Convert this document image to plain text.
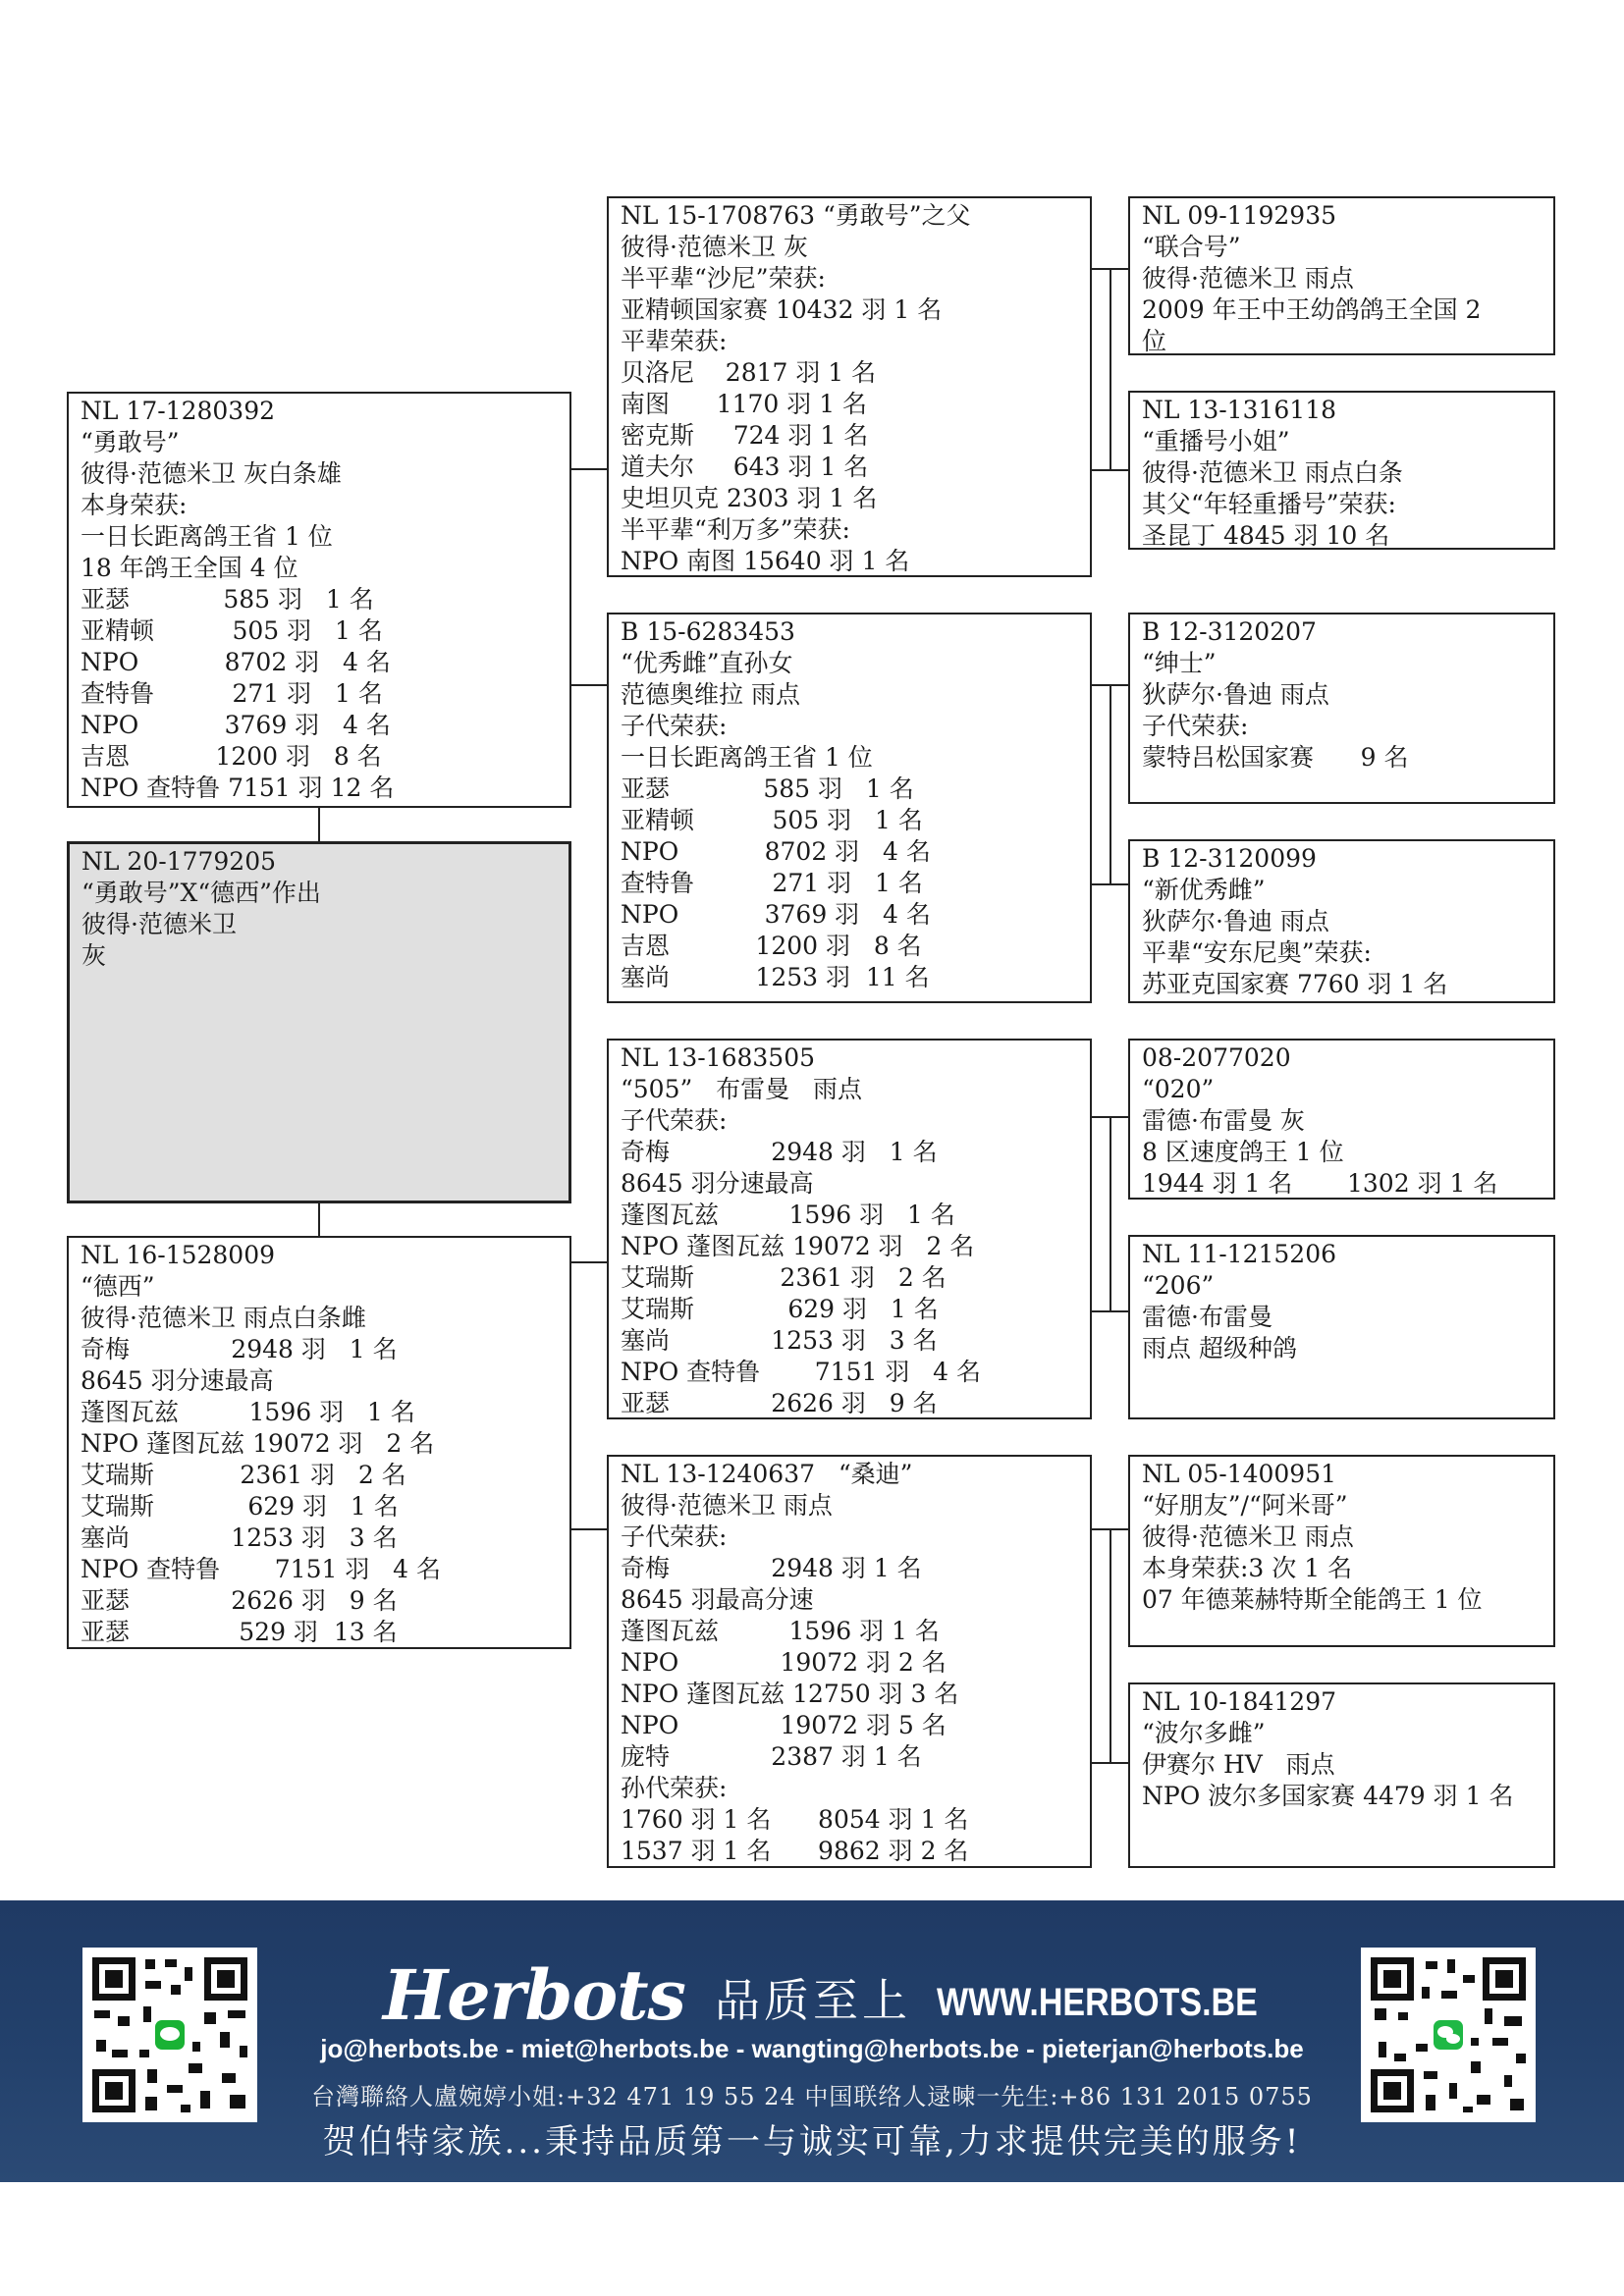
NL 17-1280392
“勇敢号”
彼得·范德米卫 灰白条雄
本身荣获:
一日长距离鸽王省 1 位
18 年鸽王全国 4 位
亚瑟            585 羽   1 名
亚精顿          505 羽   1 名
NPO           8702 羽   4 名
查特鲁          271 羽   1 名
NPO           3769 羽   4 名
吉恩           1200 羽   8 名
NPO 查特鲁 7151 羽 12 名
NL 20-1779205
“勇敢号”X“德西”作出
彼得·范德米卫
灰
NL 16-1528009
“德西”
彼得·范德米卫 雨点白条雌
奇梅             2948 羽   1 名
8645 羽分速最高
蓬图瓦兹         1596 羽   1 名
NPO 蓬图瓦兹 19072 羽   2 名
艾瑞斯           2361 羽   2 名
艾瑞斯            629 羽   1 名
塞尚             1253 羽   3 名
NPO 查特鲁       7151 羽   4 名
亚瑟             2626 羽   9 名
亚瑟              529 羽  13 名
NL 15-1708763 “勇敢号”之父
彼得·范德米卫 灰
半平辈“沙尼”荣获:
亚精顿国家赛 10432 羽 1 名
平辈荣获:
贝洛尼    2817 羽 1 名
南图      1170 羽 1 名
密克斯     724 羽 1 名
道夫尔     643 羽 1 名
史坦贝克 2303 羽 1 名
半平辈“利万多”荣获:
NPO 南图 15640 羽 1 名
B 15-6283453
“优秀雌”直孙女
范德奥维拉 雨点
子代荣获:
一日长距离鸽王省 1 位
亚瑟            585 羽   1 名
亚精顿          505 羽   1 名
NPO           8702 羽   4 名
查特鲁          271 羽   1 名
NPO           3769 羽   4 名
吉恩           1200 羽   8 名
塞尚           1253 羽  11 名
NL 13-1683505
“505”   布雷曼   雨点
子代荣获:
奇梅             2948 羽   1 名
8645 羽分速最高
蓬图瓦兹         1596 羽   1 名
NPO 蓬图瓦兹 19072 羽   2 名
艾瑞斯           2361 羽   2 名
艾瑞斯            629 羽   1 名
塞尚             1253 羽   3 名
NPO 查特鲁       7151 羽   4 名
亚瑟             2626 羽   9 名
NL 13-1240637   “桑迪”
彼得·范德米卫 雨点
子代荣获:
奇梅             2948 羽 1 名
8645 羽最高分速
蓬图瓦兹         1596 羽 1 名
NPO             19072 羽 2 名
NPO 蓬图瓦兹 12750 羽 3 名
NPO             19072 羽 5 名
庞特             2387 羽 1 名
孙代荣获:
1760 羽 1 名      8054 羽 1 名
1537 羽 1 名      9862 羽 2 名
NL 09-1192935
“联合号”
彼得·范德米卫 雨点
2009 年王中王幼鸽鸽王全国 2
位
NL 13-1316118
“重播号小姐”
彼得·范德米卫 雨点白条
其父“年轻重播号”荣获:
圣昆丁 4845 羽 10 名
B 12-3120207
“绅士”
狄萨尔·鲁迪 雨点
子代荣获:
蒙特吕松国家赛      9 名
B 12-3120099
“新优秀雌”
狄萨尔·鲁迪 雨点
平辈“安东尼奥”荣获:
苏亚克国家赛 7760 羽 1 名
08-2077020
“020”
雷德·布雷曼 灰
8 区速度鸽王 1 位
1944 羽 1 名       1302 羽 1 名
NL 11-1215206
“206”
雷德·布雷曼
雨点 超级种鸽
NL 05-1400951
“好朋友”/“阿米哥”
彼得·范德米卫 雨点
本身荣获:3 次 1 名
07 年德莱赫特斯全能鸽王 1 位
NL 10-1841297
“波尔多雌”
伊赛尔 HV   雨点
NPO 波尔多国家赛 4479 羽 1 名
Herbots 品质至上 WWW.HERBOTS.BE
jo@herbots.be - miet@herbots.be - wangting@herbots.be - pieterjan@herbots.be
台灣聯絡人盧婉婷小姐:+32 471 19 55 24 中国联络人逯暕一先生:+86 131 2015 0755
贺伯特家族...秉持品质第一与诚实可靠,力求提供完美的服务!
